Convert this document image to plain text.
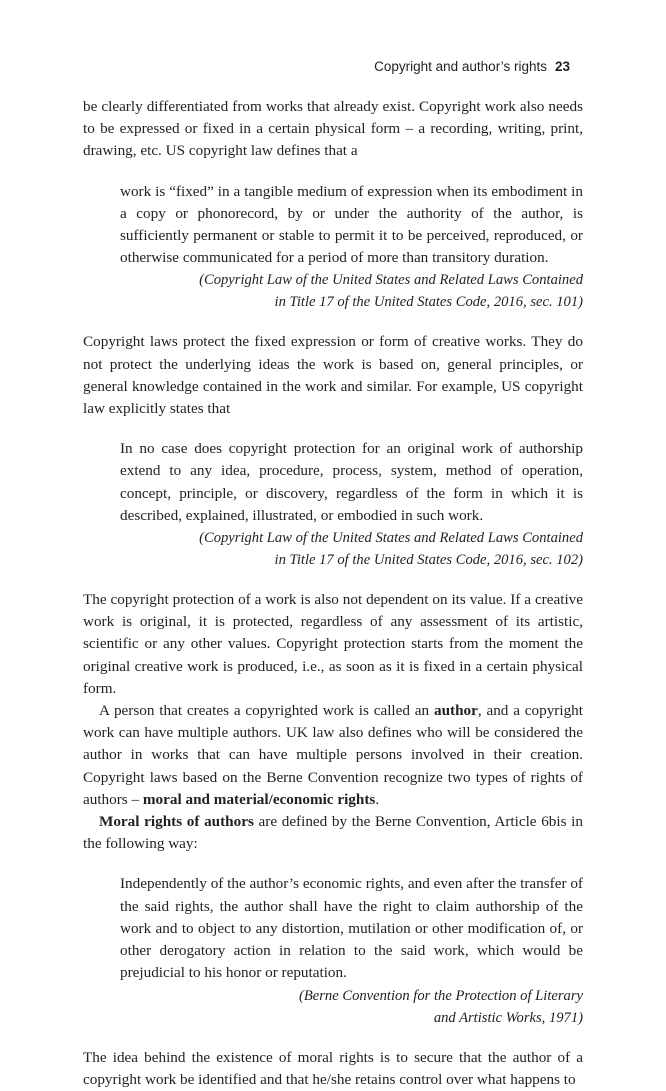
Copyright and author’s rights 23

be clearly differentiated from works that already exist. Copyright work also needs to be expressed or fixed in a certain physical form – a recording, writing, print, drawing, etc. US copyright law defines that a

work is “fixed” in a tangible medium of expression when its embodiment in a copy or phonorecord, by or under the authority of the author, is sufficiently permanent or stable to permit it to be perceived, reproduced, or otherwise communicated for a period of more than transitory duration.

(Copyright Law of the United States and Related Laws Contained
in Title 17 of the United States Code, 2016, sec. 101)

Copyright laws protect the fixed expression or form of creative works. They do not protect the underlying ideas the work is based on, general principles, or general knowledge contained in the work and similar. For example, US copyright law explicitly states that

In no case does copyright protection for an original work of authorship extend to any idea, procedure, process, system, method of operation, concept, principle, or discovery, regardless of the form in which it is described, explained, illustrated, or embodied in such work.

(Copyright Law of the United States and Related Laws Contained
in Title 17 of the United States Code, 2016, sec. 102)

The copyright protection of a work is also not dependent on its value. If a creative work is original, it is protected, regardless of any assessment of its artistic, scientific or any other values. Copyright protection starts from the moment the original creative work is produced, i.e., as soon as it is fixed in a certain physical form.

A person that creates a copyrighted work is called an author, and a copyright work can have multiple authors. UK law also defines who will be considered the author in works that can have multiple persons involved in their creation. Copyright laws based on the Berne Convention recognize two types of rights of authors – moral and material/economic rights.

Moral rights of authors are defined by the Berne Convention, Article 6bis in the following way:

Independently of the author’s economic rights, and even after the transfer of the said rights, the author shall have the right to claim authorship of the work and to object to any distortion, mutilation or other modification of, or other derogatory action in relation to the said work, which would be prejudicial to his honor or reputation.

(Berne Convention for the Protection of Literary
and Artistic Works, 1971)

The idea behind the existence of moral rights is to secure that the author of a copyright work be identified and that he/she retains control over what happens to
